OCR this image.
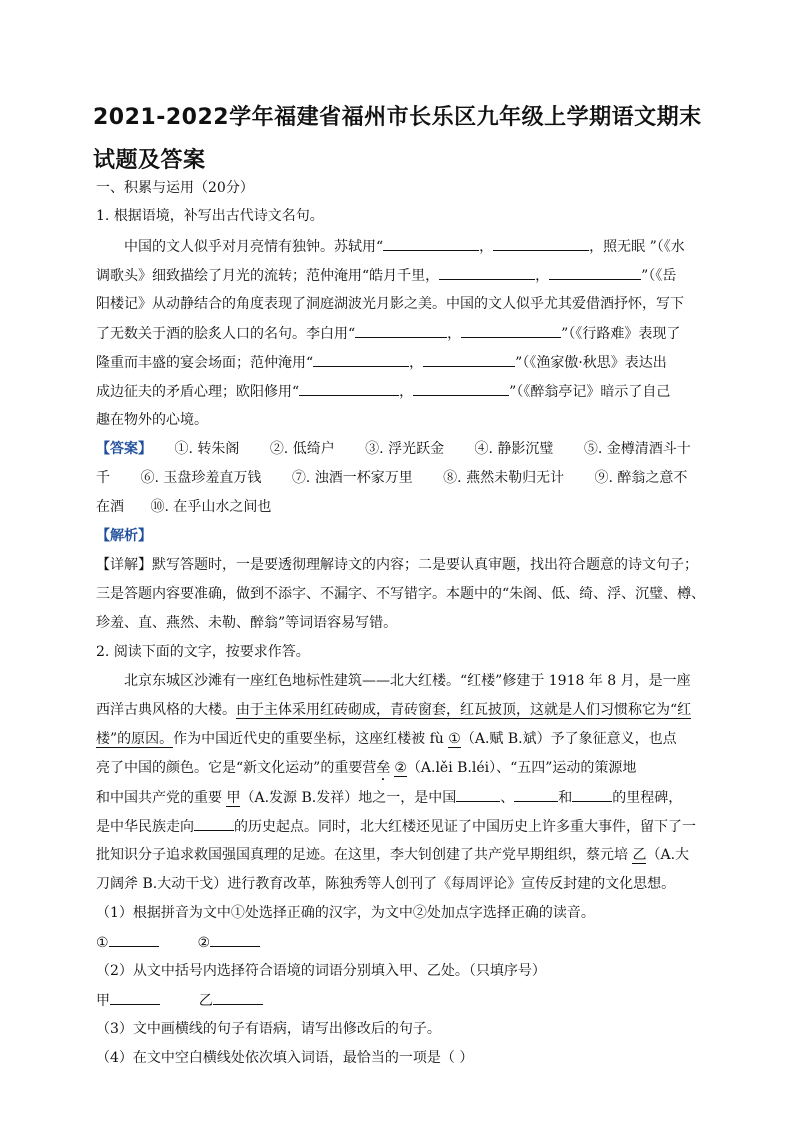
2021-2022学年福建省福州市长乐区九年级上学期语文期末试题及答案
一、积累与运用（20分）
1. 根据语境，补写出古代诗文名句。
中国的文人似乎对月亮情有独钟。苏轼用“	，	，照无眠 ”（《水
调歌头》细致描绘了月光的流转；范仲淹用“皓月千里，	，	”（《岳
阳楼记》从动静结合的角度表现了洞庭湖波光月影之美。中国的文人似乎尤其爱借酒抒怀，写下
了无数关于酒的脍炙人口的名句。李白用“	，	”（《行路难》表现了
隆重而丰盛的宴会场面；范仲淹用“	，	”（《渔家傲·秋思》表达出
成边征夫的矛盾心理；欧阳修用“	，	”（《醉翁亭记》暗示了自己
趣在物外的心境。
【答案】 ①. 转朱阁 ②. 低绮户 ③. 浮光跃金 ④. 静影沉璧 ⑤. 金樽清酒斗十
千 ⑥. 玉盘珍羞直万钱 ⑦. 浊酒一杯家万里 ⑧. 燕然未勒归无计 ⑨. 醉翁之意不
在酒 ⑩. 在乎山水之间也
【解析】
【详解】默写答题时，一是要透彻理解诗文的内容；二是要认真审题，找出符合题意的诗文句子；
三是答题内容要准确，做到不添字、不漏字、不写错字。本题中的“朱阁、低、绮、浮、沉璧、樽、
珍羞、直、燕然、未勒、醉翁”等词语容易写错。
2. 阅读下面的文字，按要求作答。
北京东城区沙滩有一座红色地标性建筑——北大红楼。“红楼”修建于 1918 年 8 月，是一座
西洋古典风格的大楼。由于主体采用红砖砌成，青砖窗套，红瓦披顶，这就是人们习惯称它为“红
楼”的原因。作为中国近代史的重要坐标，这座红楼被 fù ①（A.赋 B.斌）予了象征意义，也点
亮了中国的颜色。它是“新文化运动”的重要营垒 ②（A.lěi B.léi）、“五四”运动的策源地
和中国共产党的重要 甲（A.发源 B.发祥）地之一，是中国	、	和	的里程碑，
是中华民族走向	的历史起点。同时，北大红楼还见证了中国历史上许多重大事件，留下了一
批知识分子追求救国强国真理的足迹。在这里，李大钊创建了共产党早期组织，蔡元培 乙（A.大
刀阔斧 B.大动干戈）进行教育改革，陈独秀等人创刊了《每周评论》宣传反封建的文化思想。
（1）根据拼音为文中①处选择正确的汉字，为文中②处加点字选择正确的读音。
①	②
（2）从文中括号内选择符合语境的词语分别填入甲、乙处。（只填序号）
甲	乙
（3）文中画横线的句子有语病，请写出修改后的句子。
（4）在文中空白横线处依次填入词语，最恰当的一项是（ ）
